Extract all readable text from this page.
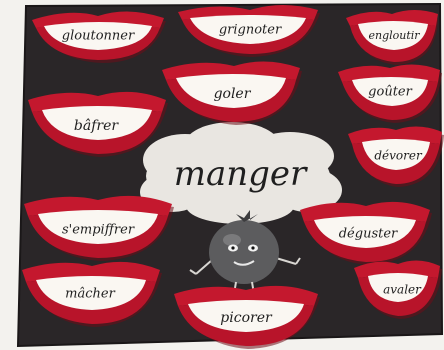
manger
gloutonner	grignoter	engloutir
goler	goûter
bâfrer
dévorer
s'empiffrer	déguster
mâcher	avaler
picorer
